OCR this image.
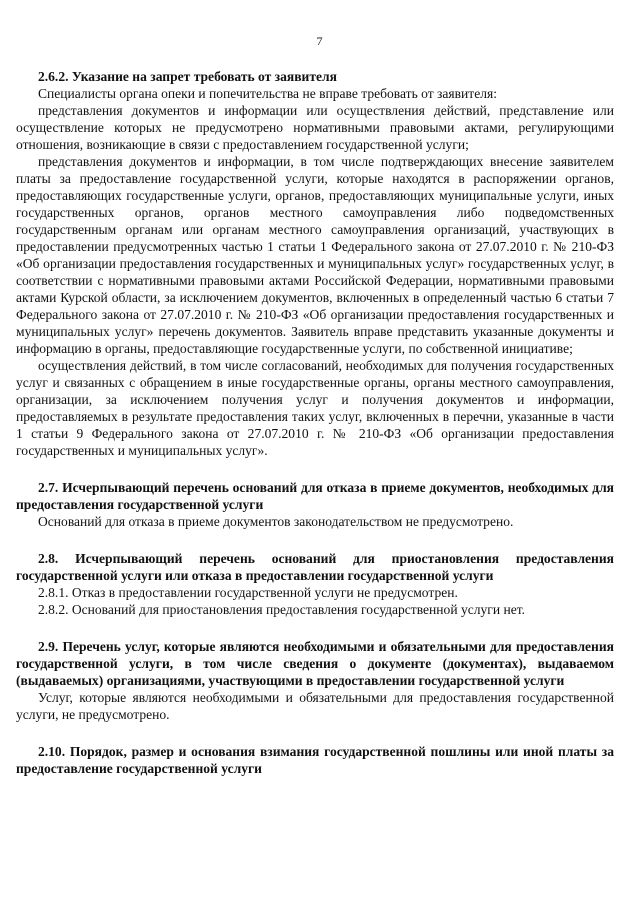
7

2.6.2. Указание на запрет требовать от заявителя

Специалисты органа опеки и попечительства не вправе требовать от заявителя:

представления документов и информации или осуществления действий, представление или осуществление которых не предусмотрено нормативными правовыми актами, регулирующими отношения, возникающие в связи с предоставлением государственной услуги;

представления документов и информации, в том числе подтверждающих внесение заявителем платы за предоставление государственной услуги, которые находятся в распоряжении органов, предоставляющих государственные услуги, органов, предоставляющих муниципальные услуги, иных государственных органов, органов местного самоуправления либо подведомственных государственным органам или органам местного самоуправления организаций, участвующих в предоставлении предусмотренных частью 1 статьи 1 Федерального закона от 27.07.2010 г. № 210-ФЗ «Об организации предоставления государственных и муниципальных услуг» государственных услуг, в соответствии с нормативными правовыми актами Российской Федерации, нормативными правовыми актами Курской области, за исключением документов, включенных в определенный частью 6 статьи 7 Федерального закона от 27.07.2010 г. № 210-ФЗ «Об организации предоставления государственных и муниципальных услуг» перечень документов. Заявитель вправе представить указанные документы и информацию в органы, предоставляющие государственные услуги, по собственной инициативе;

осуществления действий, в том числе согласований, необходимых для получения государственных услуг и связанных с обращением в иные государственные органы, органы местного самоуправления, организации, за исключением получения услуг и получения документов и информации, предоставляемых в результате предоставления таких услуг, включенных в перечни, указанные в части 1 статьи 9 Федерального закона от 27.07.2010 г. № 210-ФЗ «Об организации предоставления государственных и муниципальных услуг».

2.7. Исчерпывающий перечень оснований для отказа в приеме документов, необходимых для предоставления государственной услуги

Оснований для отказа в приеме документов законодательством не предусмотрено.

2.8. Исчерпывающий перечень оснований для приостановления предоставления государственной услуги или отказа в предоставлении государственной услуги

2.8.1. Отказ в предоставлении государственной услуги не предусмотрен.

2.8.2. Оснований для приостановления предоставления государственной услуги нет.

2.9. Перечень услуг, которые являются необходимыми и обязательными для предоставления государственной услуги, в том числе сведения о документе (документах), выдаваемом (выдаваемых) организациями, участвующими в предоставлении государственной услуги

Услуг, которые являются необходимыми и обязательными для предоставления государственной услуги, не предусмотрено.

2.10. Порядок, размер и основания взимания государственной пошлины или иной платы за предоставление государственной услуги
